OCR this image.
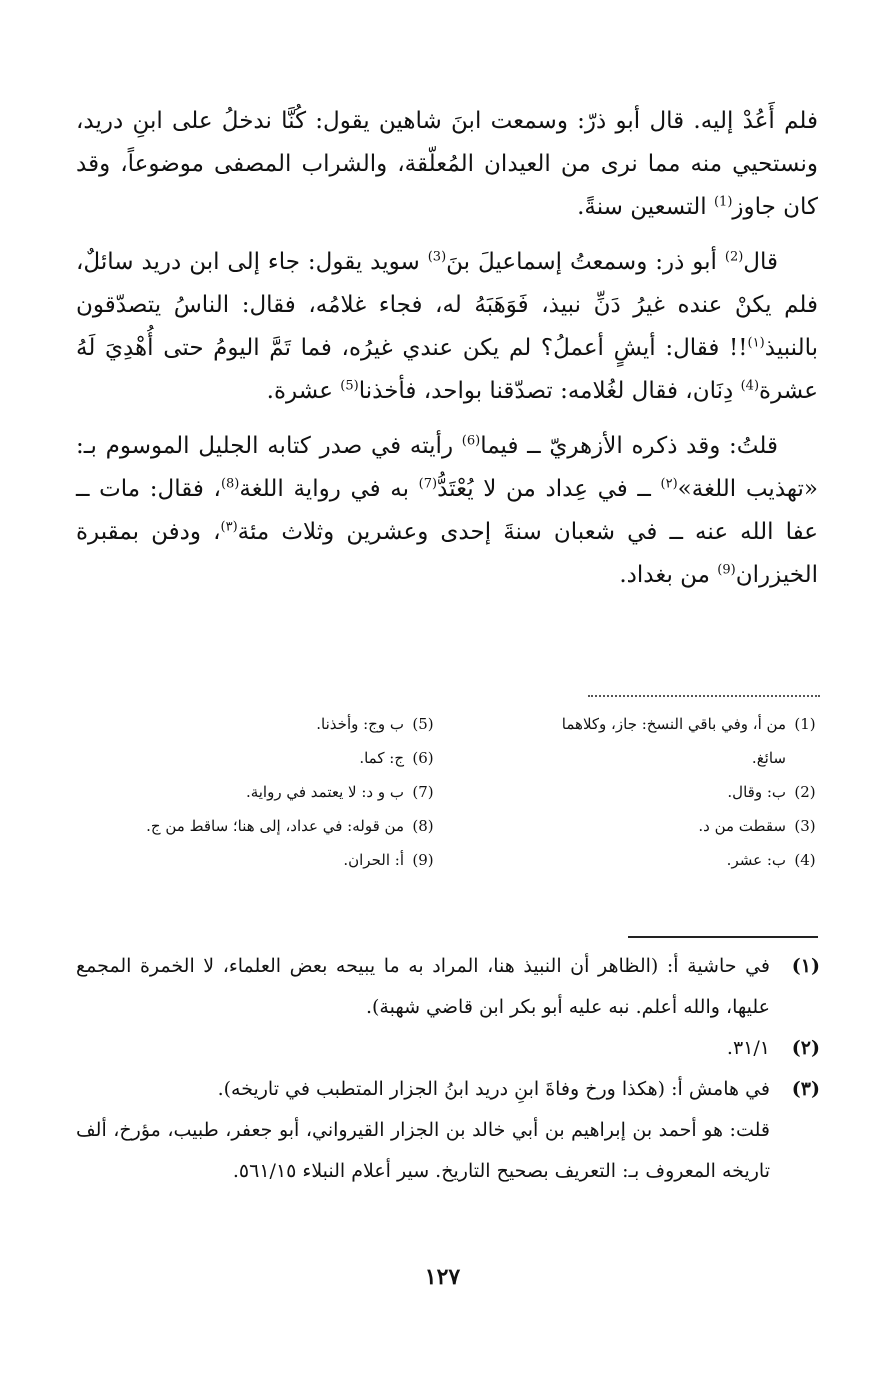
فلم أَعُدْ إليه. قال أبو ذرّ: وسمعت ابنَ شاهين يقول: كُنَّا ندخلُ على ابنِ دريد، ونستحيي منه مما نرى من العيدان المُعلّقة، والشراب المصفى موضوعاً، وقد كان جاوز$^{(1)}$ التسعين سنةً.

قال$^{(2)}$ أبو ذر: وسمعتُ إسماعيلَ بنَ$^{(3)}$ سويد يقول: جاء إلى ابن دريد سائلٌ، فلم يكنْ عنده غيرُ دَنِّ نبيذ، فَوَهَبَهُ له، فجاء غلامُه، فقال: الناسُ يتصدّقون بالنبيذ$^{(١)}$!! فقال: أيشٍ أعملُ؟ لم يكن عندي غيرُه، فما تَمَّ اليومُ حتى أُهْدِيَ لَهُ عشرة$^{(4)}$ دِنَان، فقال لغُلامه: تصدّقنا بواحد، فأخذنا$^{(5)}$ عشرة.

قلتُ: وقد ذكره الأزهريّ ــ فيما$^{(6)}$ رأيته في صدر كتابه الجليل الموسوم بـ: «تهذيب اللغة»$^{(٢)}$ ــ في عِداد من لا يُعْتَدُّ$^{(7)}$ به في رواية اللغة$^{(8)}$، فقال: مات ــ عفا الله عنه ــ في شعبان سنةَ إحدى وعشرين وثلاث مئة$^{(٣)}$، ودفن بمقبرة الخيزران$^{(9)}$ من بغداد.

(1)
من أ، وفي باقي النسخ: جاز، وكلاهما
سائغ.
(2)
ب: وقال.
(3)
سقطت من د.
(4)
ب: عشر.
(5)
ب وج: وأخذنا.
(6)
ج: كما.
(7)
ب و د: لا يعتمد في رواية.
(8)
من قوله: في عداد، إلى هنا؛ ساقط من ج.
(9)
أ: الحران.
(١)
في حاشية أ: (الظاهر أن النبيذ هنا، المراد به ما يبيحه بعض العلماء، لا الخمرة المجمع عليها، والله أعلم. نبه عليه أبو بكر ابن قاضي شهبة).
(٢)
٣١/١.
(٣)
في هامش أ: (هكذا ورخ وفاةَ ابنِ دريد ابنُ الجزار المتطبب في تاريخه).
قلت: هو أحمد بن إبراهيم بن أبي خالد بن الجزار القيرواني، أبو جعفر، طبيب، مؤرخ، ألف تاريخه المعروف بـ: التعريف بصحيح التاريخ. سير أعلام النبلاء ٥٦١/١٥.
١٢٧
